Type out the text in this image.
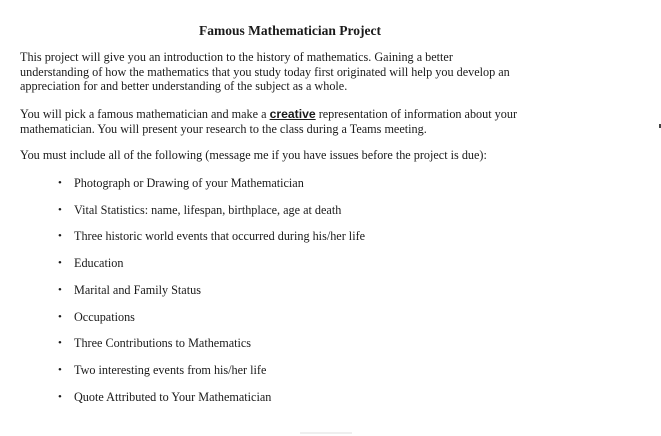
Famous Mathematician Project
This project will give you an introduction to the history of mathematics. Gaining a better
understanding of how the mathematics that you study today first originated will help you develop an
appreciation for and better understanding of the subject as a whole.
You will pick a famous mathematician and make a creative representation of information about your
mathematician. You will present your research to the class during a Teams meeting.
You must include all of the following (message me if you have issues before the project is due):
• Photograph or Drawing of your Mathematician
• Vital Statistics: name, lifespan, birthplace, age at death
• Three historic world events that occurred during his/her life
• Education
• Marital and Family Status
• Occupations
• Three Contributions to Mathematics
• Two interesting events from his/her life
• Quote Attributed to Your Mathematician
